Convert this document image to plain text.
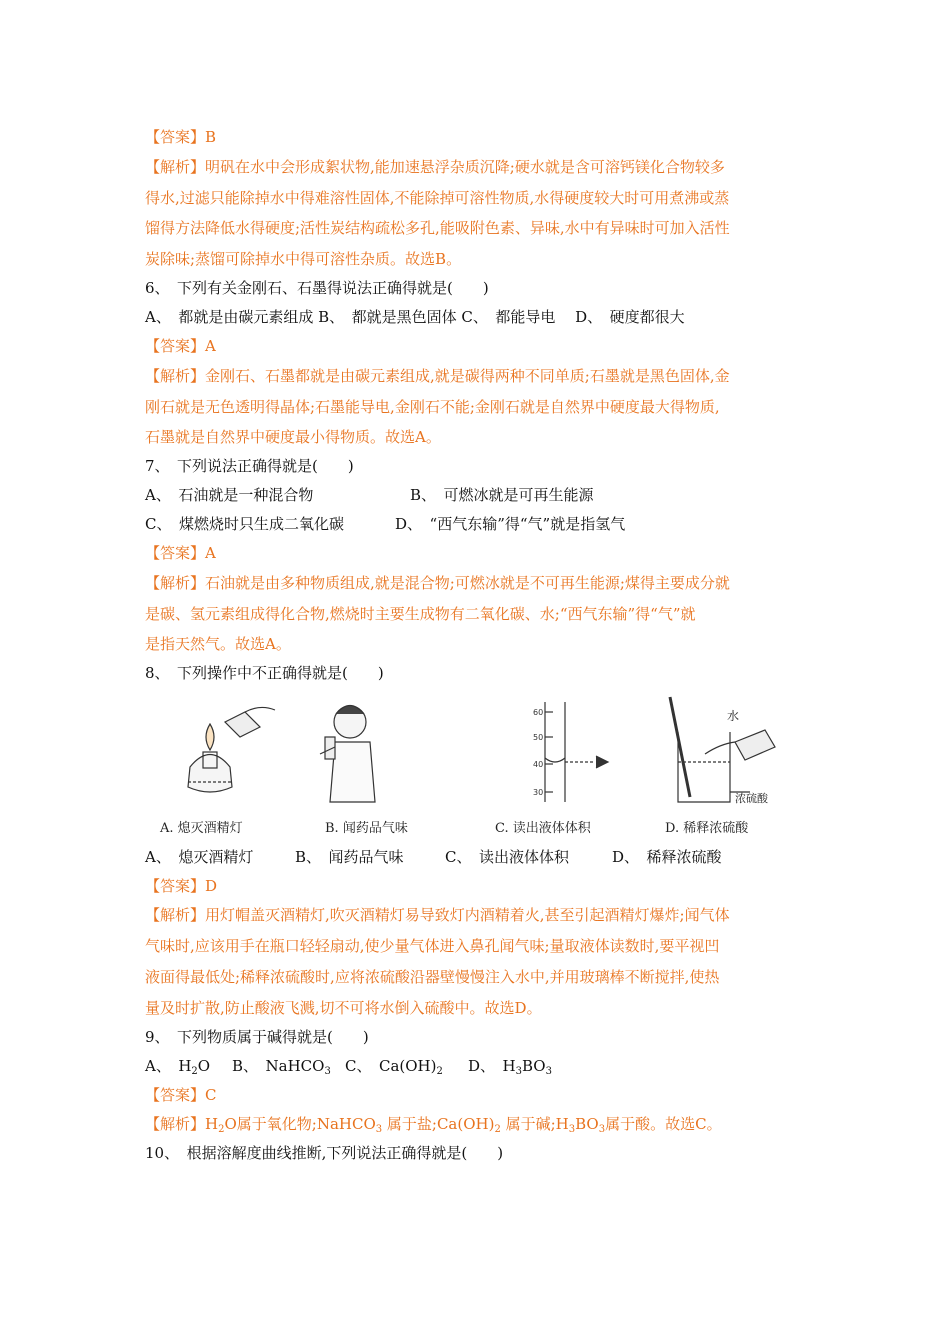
【答案】B
【解析】明矾在水中会形成絮状物,能加速悬浮杂质沉降;硬水就是含可溶钙镁化合物较多
得水,过滤只能除掉水中得难溶性固体,不能除掉可溶性物质,水得硬度较大时可用煮沸或蒸
馏得方法降低水得硬度;活性炭结构疏松多孔,能吸附色素、异味,水中有异味时可加入活性
炭除味;蒸馏可除掉水中得可溶性杂质。故选B。
6、　下列有关金刚石、石墨得说法正确得就是(　　)
A、　都就是由碳元素组成 B、　都就是黑色固体 C、　都能导电　 D、　硬度都很大
【答案】A
【解析】金刚石、石墨都就是由碳元素组成,就是碳得两种不同单质;石墨就是黑色固体,金
刚石就是无色透明得晶体;石墨能导电,金刚石不能;金刚石就是自然界中硬度最大得物质,
石墨就是自然界中硬度最小得物质。故选A。
7、　下列说法正确得就是(　　)
A、　石油就是一种混合物	B、　可燃冰就是可再生能源
C、　煤燃烧时只生成二氧化碳	D、　“西气东输”得“气”就是指氢气
【答案】A
【解析】石油就是由多种物质组成,就是混合物;可燃冰就是不可再生能源;煤得主要成分就
是碳、氢元素组成得化合物,燃烧时主要生成物有二氧化碳、水;“西气东输”得“气”就
是指天然气。故选A。
8、　下列操作中不正确得就是(　　)
60
50
40
30
水
浓硫酸
A. 熄灭酒精灯	B. 闻药品气味	C. 读出液体体积	D. 稀释浓硫酸
A、　熄灭酒精灯	B、　闻药品气味	C、　读出液体体积	D、　稀释浓硫酸
【答案】D
【解析】用灯帽盖灭酒精灯,吹灭酒精灯易导致灯内酒精着火,甚至引起酒精灯爆炸;闻气体
气味时,应该用手在瓶口轻轻扇动,使少量气体进入鼻孔闻气味;量取液体读数时,要平视凹
液面得最低处;稀释浓硫酸时,应将浓硫酸沿器壁慢慢注入水中,并用玻璃棒不断搅拌,使热
量及时扩散,防止酸液飞溅,切不可将水倒入硫酸中。故选D。
9、　下列物质属于碱得就是(　　)
A、　$H_2O$ B、　NaHCO$_3$ C、　$Ca(OH)_2$ D、　$H_3BO_3$
【答案】C
【解析】$H_2O$属于氧化物;NaHCO$_3$ 属于盐$;Ca(OH)_2$ 属于碱$;H_3BO_3$属于酸。故选C。
10、　根据溶解度曲线推断,下列说法正确得就是(　　)
